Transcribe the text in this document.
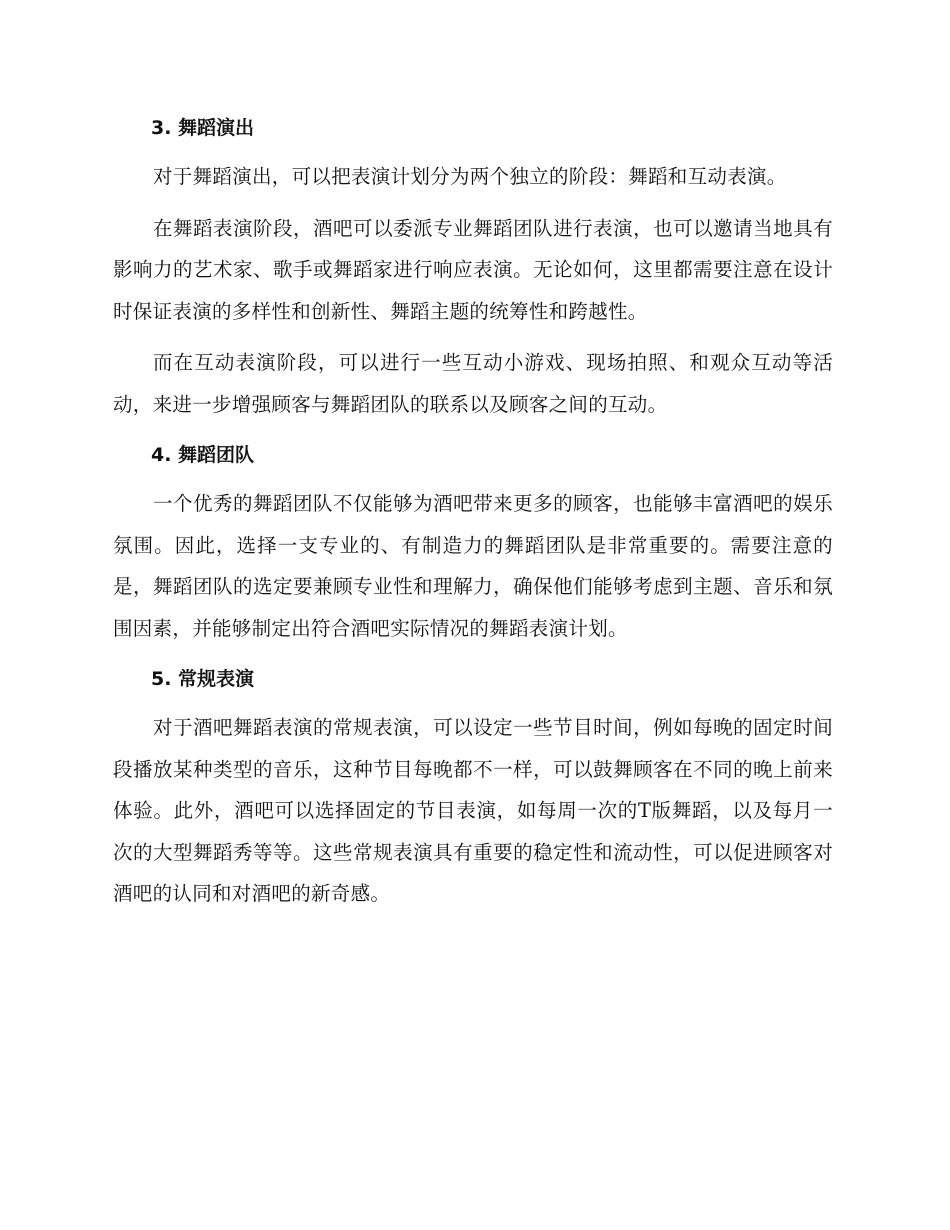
3. 舞蹈演出

对于舞蹈演出，可以把表演计划分为两个独立的阶段：舞蹈和互动表演。

在舞蹈表演阶段，酒吧可以委派专业舞蹈团队进行表演，也可以邀请当地具有影响力的艺术家、歌手或舞蹈家进行响应表演。无论如何，这里都需要注意在设计时保证表演的多样性和创新性、舞蹈主题的统筹性和跨越性。

而在互动表演阶段，可以进行一些互动小游戏、现场拍照、和观众互动等活动，来进一步增强顾客与舞蹈团队的联系以及顾客之间的互动。

4. 舞蹈团队

一个优秀的舞蹈团队不仅能够为酒吧带来更多的顾客，也能够丰富酒吧的娱乐氛围。因此，选择一支专业的、有制造力的舞蹈团队是非常重要的。需要注意的是，舞蹈团队的选定要兼顾专业性和理解力，确保他们能够考虑到主题、音乐和氛围因素，并能够制定出符合酒吧实际情况的舞蹈表演计划。

5. 常规表演

对于酒吧舞蹈表演的常规表演，可以设定一些节目时间，例如每晚的固定时间段播放某种类型的音乐，这种节目每晚都不一样，可以鼓舞顾客在不同的晚上前来体验。此外，酒吧可以选择固定的节目表演，如每周一次的T版舞蹈，以及每月一次的大型舞蹈秀等等。这些常规表演具有重要的稳定性和流动性，可以促进顾客对酒吧的认同和对酒吧的新奇感。
